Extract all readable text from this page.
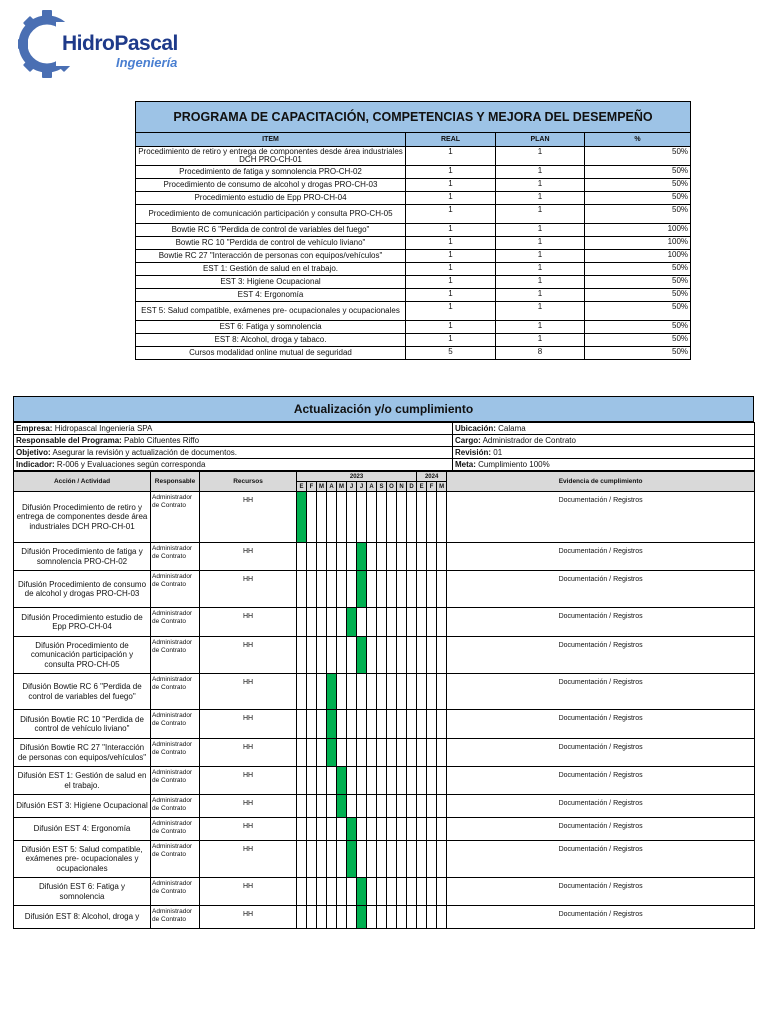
HidroPascal
Ingeniería
PROGRAMA DE CAPACITACIÓN, COMPETENCIAS Y MEJORA DEL DESEMPEÑO			
ITEM	REAL	PLAN	%
Procedimiento de retiro y entrega de componentes desde área industriales DCH PRO-CH-01	1	1	50%
Procedimiento de fatiga y somnolencia PRO-CH-02	1	1	50%
Procedimiento de consumo de alcohol y drogas PRO-CH-03	1	1	50%
Procedimiento estudio de Epp PRO-CH-04	1	1	50%
Procedimiento de comunicación participación y consulta PRO-CH-05	1	1	50%
Bowtie RC 6 "Perdida de control de variables del fuego"	1	1	100%
Bowtie RC 10 "Perdida de control de vehículo liviano"	1	1	100%
Bowtie RC 27 "Interacción de personas con equipos/vehículos"	1	1	100%
EST 1: Gestión de salud en el trabajo.	1	1	50%
EST 3: Higiene Ocupacional	1	1	50%
EST 4: Ergonomía	1	1	50%
EST 5: Salud compatible, exámenes pre- ocupacionales y ocupacionales	1	1	50%
EST 6: Fatiga y somnolencia	1	1	50%
EST 8: Alcohol, droga y tabaco.	1	1	50%
Cursos modalidad online mutual de seguridad	5	8	50%
Actualización y/o cumplimiento
Empresa: Hidropascal Ingeniería SPA	Ubicación: Calama
Responsable del Programa: Pablo Cifuentes Riffo	Cargo: Administrador de Contrato
Objetivo: Asegurar la revisión y actualización de documentos.	Revisión: 01
Indicador: R-006 y Evaluaciones según corresponda	Meta: Cumplimiento 100%
Acción / Actividad	Responsable	Recursos	2023												2024			Evidencia de cumplimiento
			E	F	M	A	M	J	J	A	S	O	N	D	E	F	M	
Difusión Procedimiento de retiro y entrega de componentes desde área industriales DCH PRO-CH-01	Administrador de Contrato	HH																Documentación / Registros
Difusión Procedimiento de fatiga y somnolencia PRO-CH-02	Administrador de Contrato	HH																Documentación / Registros
Difusión Procedimiento de consumo de alcohol y drogas PRO-CH-03	Administrador de Contrato	HH																Documentación / Registros
Difusión Procedimiento estudio de Epp PRO-CH-04	Administrador de Contrato	HH																Documentación / Registros
Difusión Procedimiento de comunicación participación y consulta PRO-CH-05	Administrador de Contrato	HH																Documentación / Registros
Difusión Bowtie RC 6 "Perdida de control de variables del fuego"	Administrador de Contrato	HH																Documentación / Registros
Difusión Bowtie RC 10 "Perdida de control de vehículo liviano"	Administrador de Contrato	HH																Documentación / Registros
Difusión Bowtie RC 27 "Interacción de personas con equipos/vehículos"	Administrador de Contrato	HH																Documentación / Registros
Difusión EST 1: Gestión de salud en el trabajo.	Administrador de Contrato	HH																Documentación / Registros
Difusión EST 3: Higiene Ocupacional	Administrador de Contrato	HH																Documentación / Registros
Difusión EST 4: Ergonomía	Administrador de Contrato	HH																Documentación / Registros
Difusión EST 5: Salud compatible, exámenes pre- ocupacionales y ocupacionales	Administrador de Contrato	HH																Documentación / Registros
Difusión EST 6: Fatiga y somnolencia	Administrador de Contrato	HH																Documentación / Registros
Difusión EST 8: Alcohol, droga y	Administrador de Contrato	HH																Documentación / Registros
